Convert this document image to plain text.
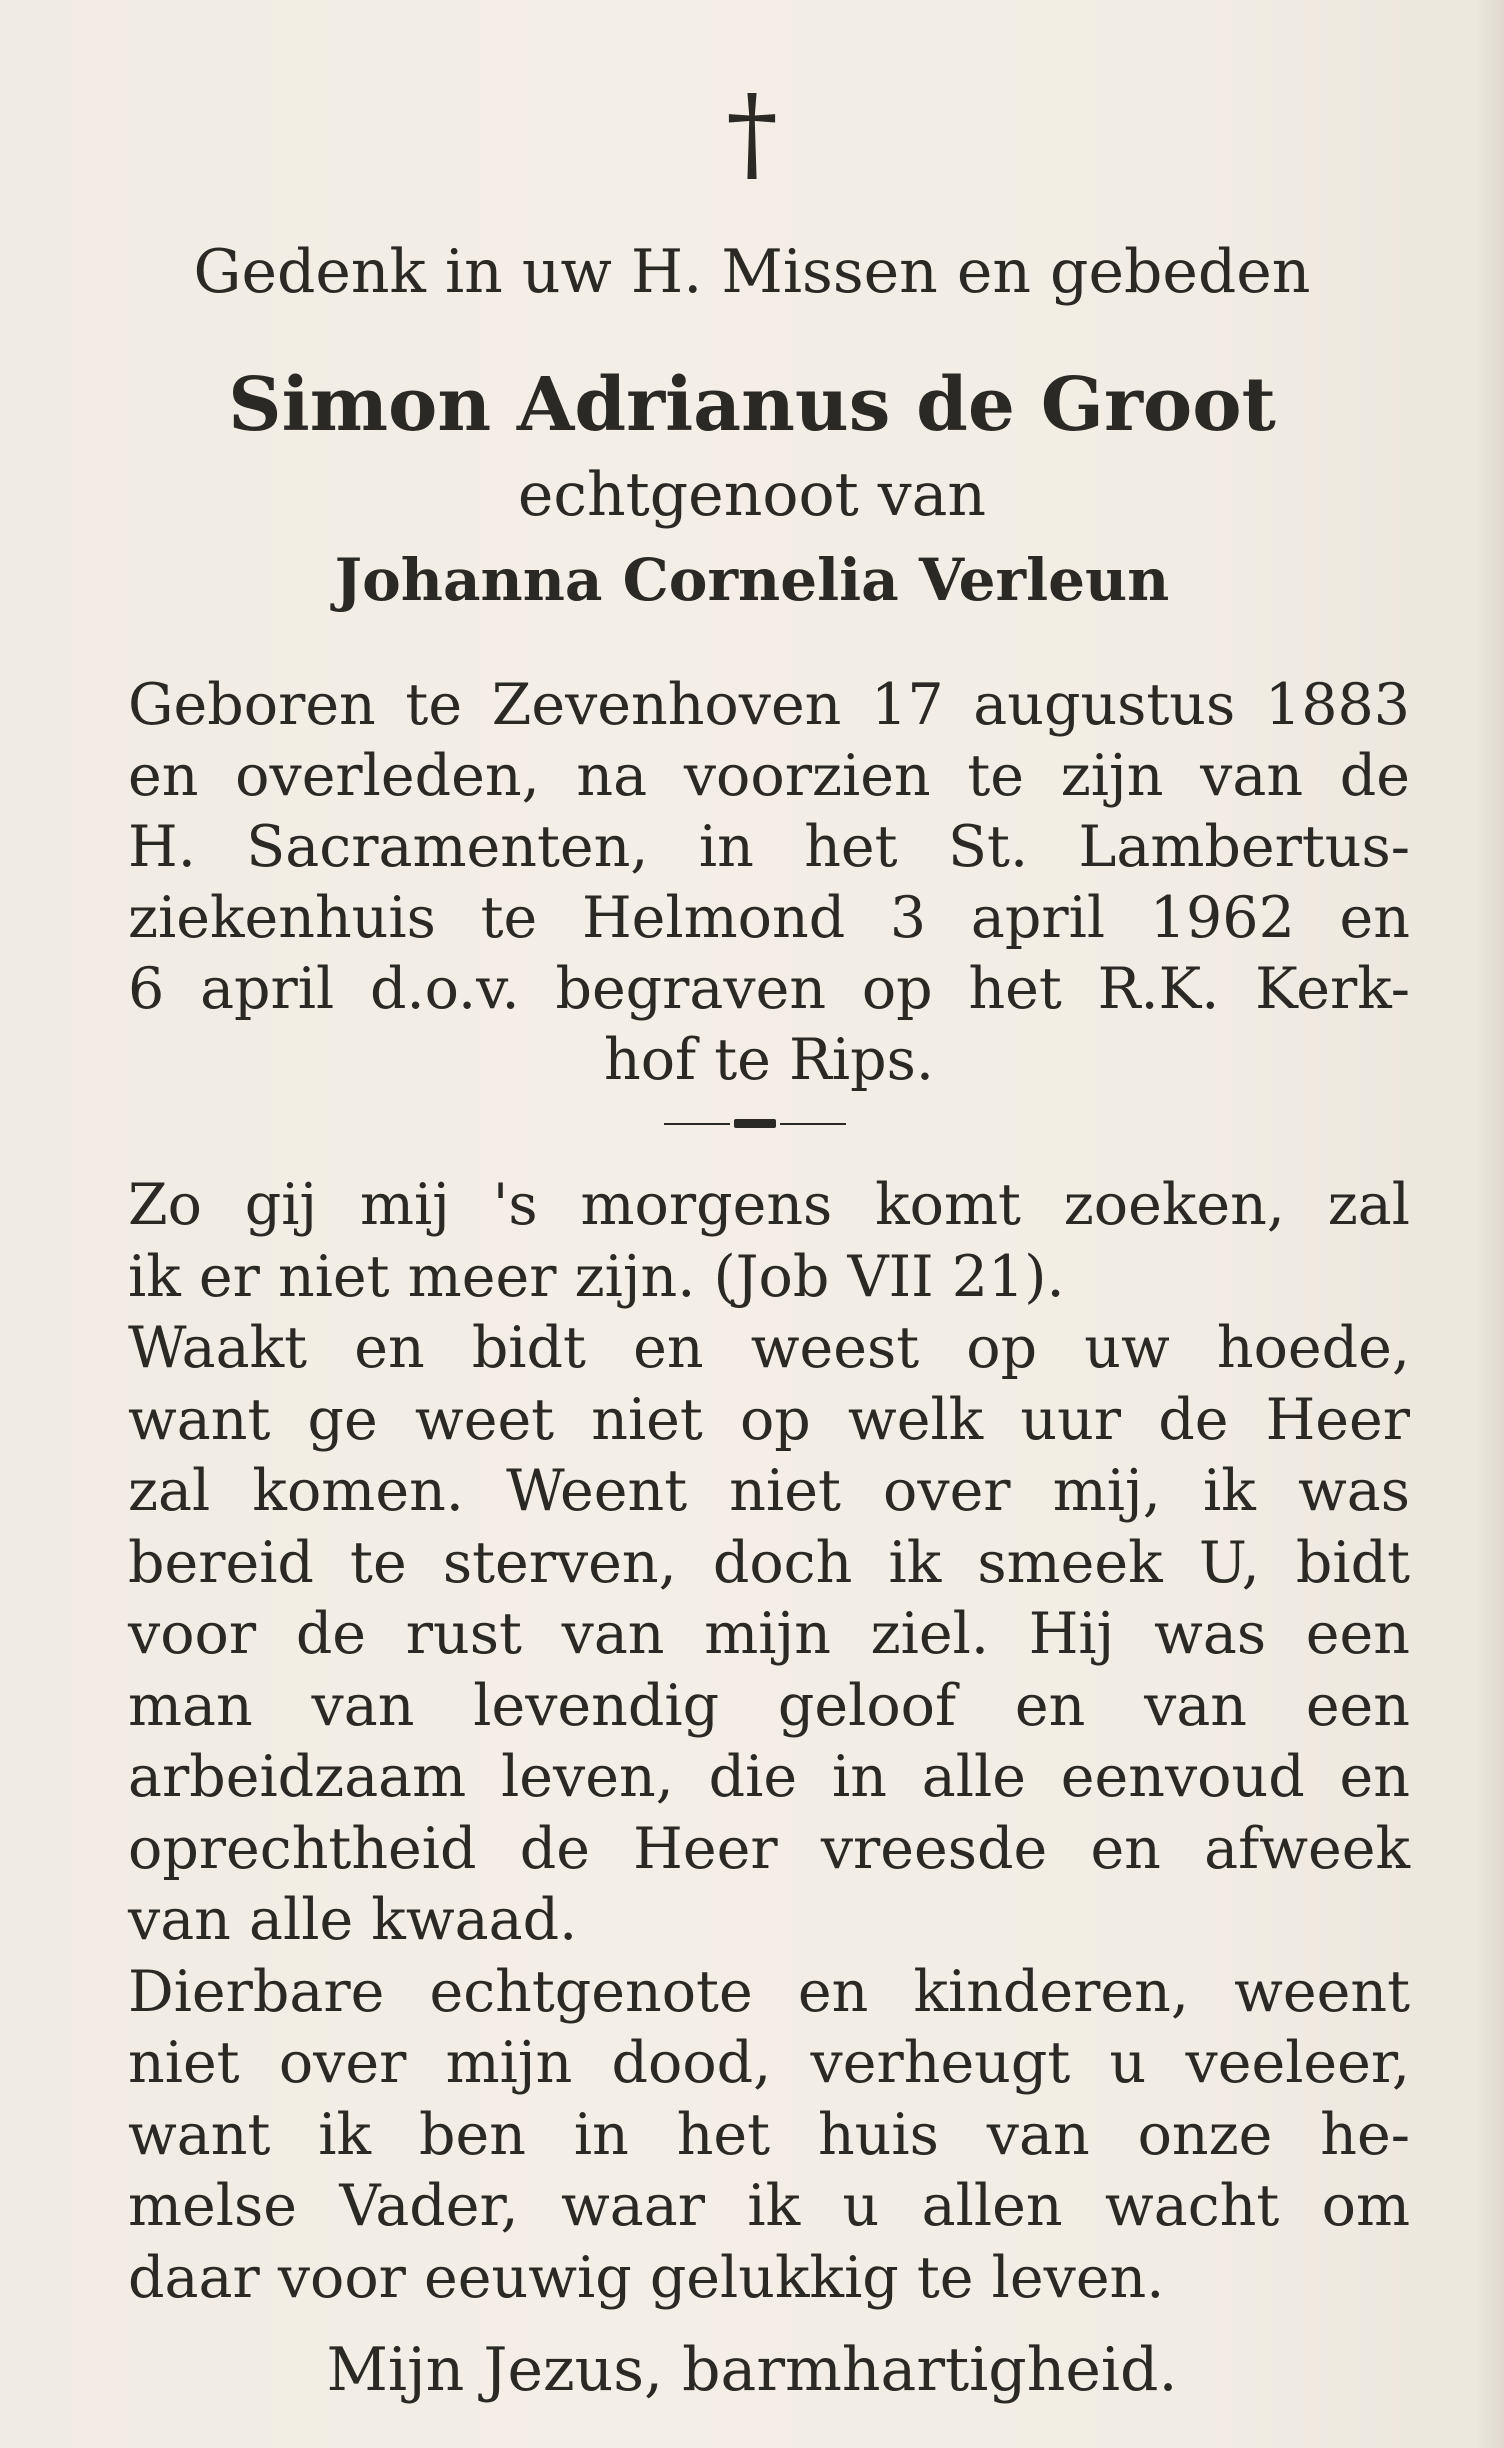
†
Gedenk in uw H. Missen en gebeden
Simon Adrianus de Groot
echtgenoot van
Johanna Cornelia Verleun
Geboren te Zevenhoven 17 augustus 1883
en overleden, na voorzien te zijn van de
H. Sacramenten, in het St. Lambertus-
ziekenhuis te Helmond 3 april 1962 en
6 april d.o.v. begraven op het R.K. Kerk-
hof te Rips.
Zo gij mij 's morgens komt zoeken, zal
ik er niet meer zijn. (Job VII 21).
Waakt en bidt en weest op uw hoede,
want ge weet niet op welk uur de Heer
zal komen. Weent niet over mij, ik was
bereid te sterven, doch ik smeek U, bidt
voor de rust van mijn ziel. Hij was een
man van levendig geloof en van een
arbeidzaam leven, die in alle eenvoud en
oprechtheid de Heer vreesde en afweek
van alle kwaad.
Dierbare echtgenote en kinderen, weent
niet over mijn dood, verheugt u veeleer,
want ik ben in het huis van onze he-
melse Vader, waar ik u allen wacht om
daar voor eeuwig gelukkig te leven.
Mijn Jezus, barmhartigheid.
